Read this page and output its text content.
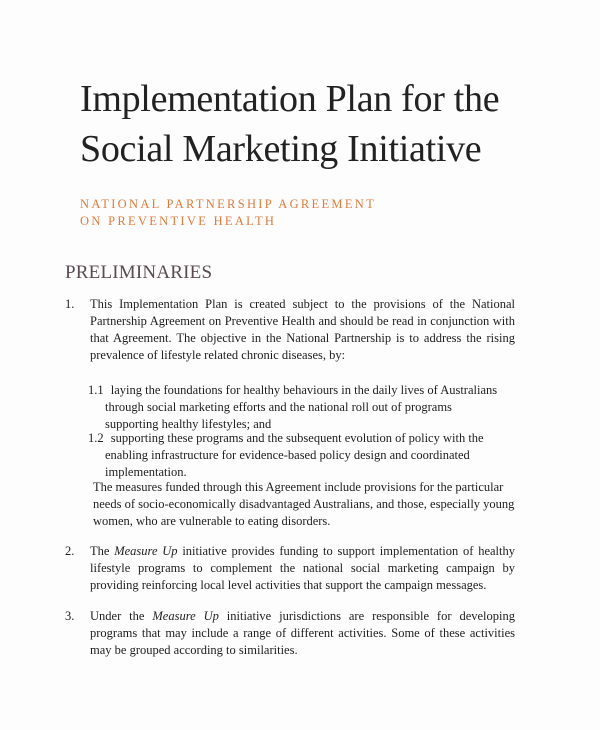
Implementation Plan for the
Social Marketing Initiative
NATIONAL PARTNERSHIP AGREEMENT
ON PREVENTIVE HEALTH
PRELIMINARIES
1. This Implementation Plan is created subject to the provisions of the National Partnership Agreement on Preventive Health and should be read in conjunction with that Agreement. The objective in the National Partnership is to address the rising prevalence of lifestyle related chronic diseases, by:
1.1 laying the foundations for healthy behaviours in the daily lives of Australians through social marketing efforts and the national roll out of programs supporting healthy lifestyles; and
1.2 supporting these programs and the subsequent evolution of policy with the enabling infrastructure for evidence-based policy design and coordinated implementation.
The measures funded through this Agreement include provisions for the particular needs of socio-economically disadvantaged Australians, and those, especially young women, who are vulnerable to eating disorders.
2. The Measure Up initiative provides funding to support implementation of healthy lifestyle programs to complement the national social marketing campaign by providing reinforcing local level activities that support the campaign messages.
3. Under the Measure Up initiative jurisdictions are responsible for developing programs that may include a range of different activities. Some of these activities may be grouped according to similarities.
